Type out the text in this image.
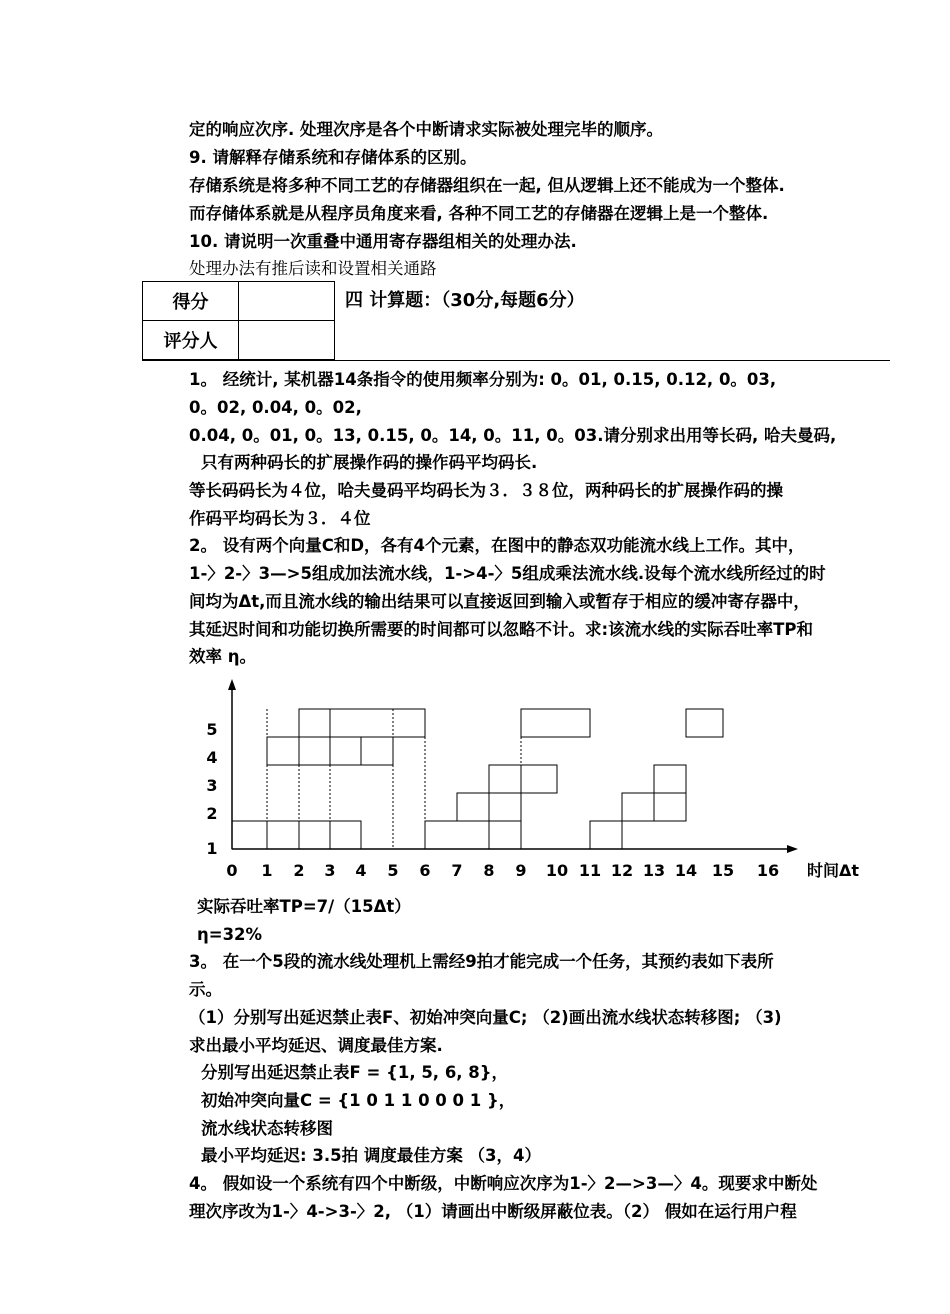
定的响应次序. 处理次序是各个中断请求实际被处理完毕的顺序。
9. 请解释存储系统和存储体系的区别。
存储系统是将多种不同工艺的存储器组织在一起, 但从逻辑上还不能成为一个整体.
而存储体系就是从程序员角度来看, 各种不同工艺的存储器在逻辑上是一个整体.
10. 请说明一次重叠中通用寄存器组相关的处理办法.
处理办法有推后读和设置相关通路
1。 经统计, 某机器14条指令的使用频率分别为: 0。01, 0.15, 0.12, 0。03,
0。02, 0.04, 0。02,
0.04, 0。01, 0。13, 0.15, 0。14, 0。11, 0。03.请分别求出用等长码, 哈夫曼码,
只有两种码长的扩展操作码的操作码平均码长.
等长码码长为４位，哈夫曼码平均码长为３．３８位，两种码长的扩展操作码的操
作码平均码长为３．４位
2。 设有两个向量C和D，各有4个元素，在图中的静态双功能流水线上工作。其中，
1-〉2-〉3—>5组成加法流水线，1->4-〉5组成乘法流水线.设每个流水线所经过的时
间均为Δt,而且流水线的输出结果可以直接返回到输入或暂存于相应的缓冲寄存器中，
其延迟时间和功能切换所需要的时间都可以忽略不计。求:该流水线的实际吞吐率TP和
效率 η。
实际吞吐率TP=7/（15Δt）
η=32%
3。 在一个5段的流水线处理机上需经9拍才能完成一个任务，其预约表如下表所
示。
（1）分别写出延迟禁止表F、初始冲突向量C; （2)画出流水线状态转移图; （3)
求出最小平均延迟、调度最佳方案.
分别写出延迟禁止表F = {1, 5, 6, 8}，
初始冲突向量C = {1 0 1 1 0 0 0 1 }，
流水线状态转移图
最小平均延迟: 3.5拍 调度最佳方案 （3，4）
4。 假如设一个系统有四个中断级，中断响应次序为1-〉2—>3—〉4。现要求中断处
理次序改为1-〉4->3-〉2, （1）请画出中断级屏蔽位表。（2） 假如在运行用户程
得分	
评分人	
四 计算题：（30分,每题6分）
0 1 2 3 4 5 6 7 8 9 10 11 12 13 14 15 16
1
2
3
4
5
时间Δt
